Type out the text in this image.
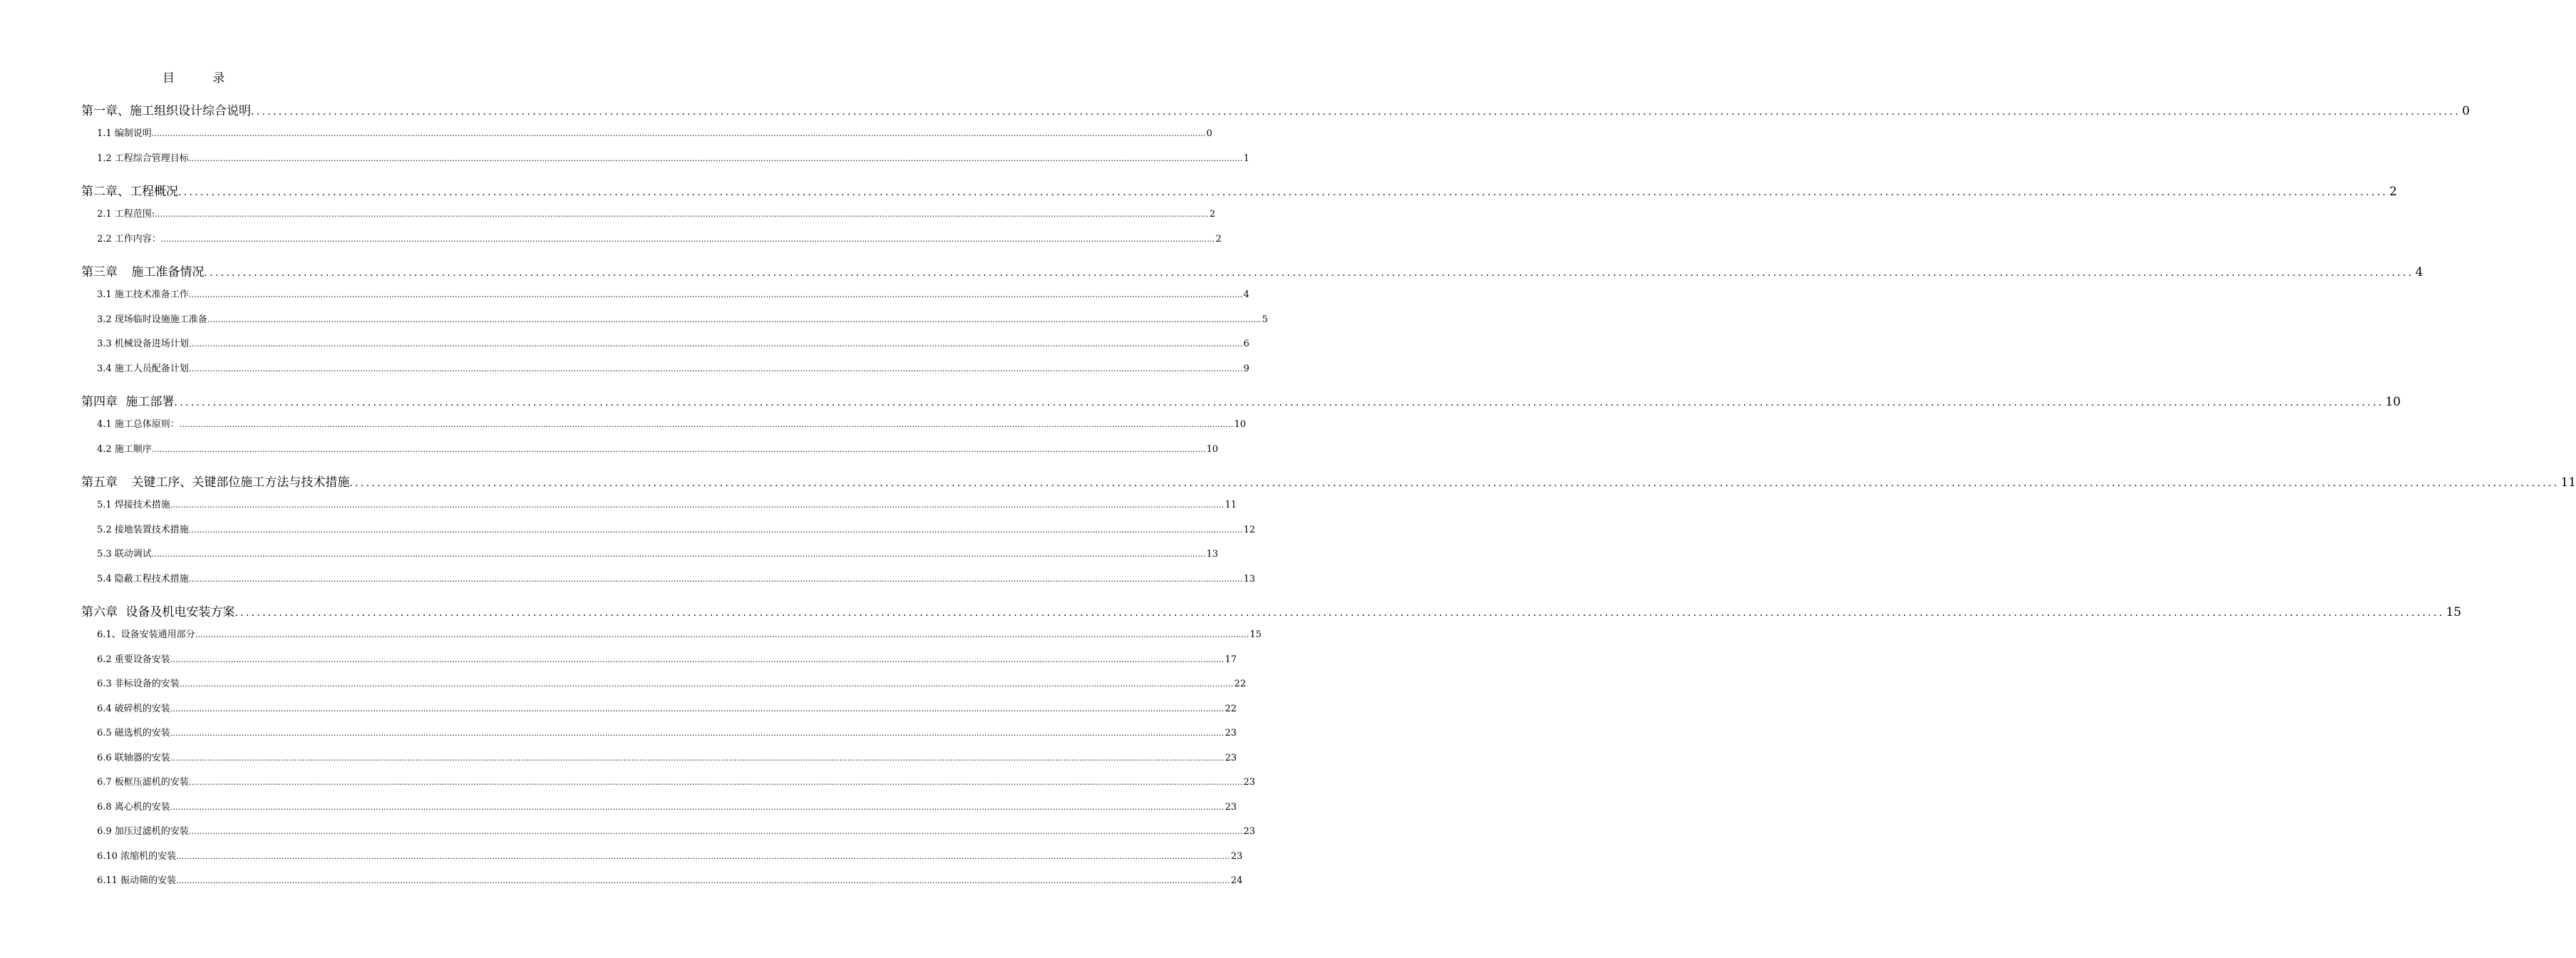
目 录
第一章、施工组织设计综合说明 ................................................................................................................................................................................................................................................................................................................................................................................................................ 0
1.1 编制说明 ................................................................................................................................................................................................................................................................................................................................................................................................................ 0
1.2 工程综合管理目标 ................................................................................................................................................................................................................................................................................................................................................................................................................ 1
第二章、工程概况 ................................................................................................................................................................................................................................................................................................................................................................................................................ 2
2.1 工程范围: ................................................................................................................................................................................................................................................................................................................................................................................................................ 2
2.2 工作内容： ................................................................................................................................................................................................................................................................................................................................................................................................................ 2
第三章 施工准备情况 ................................................................................................................................................................................................................................................................................................................................................................................................................ 4
3.1 施工技术准备工作 ................................................................................................................................................................................................................................................................................................................................................................................................................ 4
3.2 现场临时设施施工准备 ................................................................................................................................................................................................................................................................................................................................................................................................................ 5
3.3 机械设备进场计划 ................................................................................................................................................................................................................................................................................................................................................................................................................ 6
3.4 施工人员配备计划 ................................................................................................................................................................................................................................................................................................................................................................................................................ 9
第四章 施工部署 ................................................................................................................................................................................................................................................................................................................................................................................................................ 10
4.1 施工总体原则： ................................................................................................................................................................................................................................................................................................................................................................................................................ 10
4.2 施工顺序 ................................................................................................................................................................................................................................................................................................................................................................................................................ 10
第五章 关键工序、关键部位施工方法与技术措施 ................................................................................................................................................................................................................................................................................................................................................................................................................ 11
5.1 焊接技术措施 ................................................................................................................................................................................................................................................................................................................................................................................................................ 11
5.2 接地装置技术措施 ................................................................................................................................................................................................................................................................................................................................................................................................................ 12
5.3 联动调试 ................................................................................................................................................................................................................................................................................................................................................................................................................ 13
5.4 隐蔽工程技术措施 ................................................................................................................................................................................................................................................................................................................................................................................................................ 13
第六章 设备及机电安装方案 ................................................................................................................................................................................................................................................................................................................................................................................................................ 15
6.1、设备安装通用部分 ................................................................................................................................................................................................................................................................................................................................................................................................................ 15
6.2 重要设备安装 ................................................................................................................................................................................................................................................................................................................................................................................................................ 17
6.3 非标设备的安装 ................................................................................................................................................................................................................................................................................................................................................................................................................ 22
6.4 破碎机的安装 ................................................................................................................................................................................................................................................................................................................................................................................................................ 22
6.5 磁选机的安装 ................................................................................................................................................................................................................................................................................................................................................................................................................ 23
6.6 联轴器的安装 ................................................................................................................................................................................................................................................................................................................................................................................................................ 23
6.7 板框压滤机的安装 ................................................................................................................................................................................................................................................................................................................................................................................................................ 23
6.8 离心机的安装 ................................................................................................................................................................................................................................................................................................................................................................................................................ 23
6.9 加压过滤机的安装 ................................................................................................................................................................................................................................................................................................................................................................................................................ 23
6.10 浓缩机的安装 ................................................................................................................................................................................................................................................................................................................................................................................................................ 23
6.11 振动筛的安装 ................................................................................................................................................................................................................................................................................................................................................................................................................ 24
